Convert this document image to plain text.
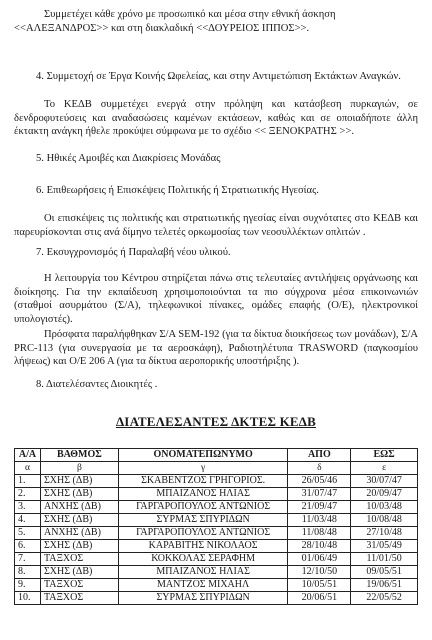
Συμμετέχει κάθε χρόνο με προσωπικό και μέσα στην εθνική άσκηση

<<ΑΛΕΞΑΝΔΡΟΣ>> και στη διακλαδική <<ΔΟΥΡΕΙΟΣ ΙΠΠΟΣ>>.

4. Συμμετοχή σε Έργα Κοινής Ωφελείας, και στην Αντιμετώπιση Εκτάκτων Αναγκών.

Το ΚΕΔΒ συμμετέχει ενεργά στην πρόληψη και κατάσβεση πυρκαγιών, σε δενδροφυτεύσεις και αναδασώσεις καμένων εκτάσεων, καθώς και σε οποιαδήποτε άλλη έκτακτη ανάγκη ήθελε προκύψει σύμφωνα με το σχέδιο << ΞΕΝΟΚΡΑΤΗΣ >>.

5. Ηθικές Αμοιβές και Διακρίσεις Μονάδας

6. Επιθεωρήσεις ή Επισκέψεις Πολιτικής ή Στρατιωτικής Ηγεσίας.

Οι επισκέψεις τις πολιτικής και στρατιωτικής ηγεσίας είναι συχνότατες στο ΚΕΔΒ και παρευρίσκονται στις ανά δίμηνο τελετές ορκωμοσίας των νεοσυλλέκτων οπλιτών .

7. Εκσυγχρονισμός ή Παραλαβή νέου υλικού.

Η λειτουργία του Κέντρου στηρίζεται πάνω στις τελευταίες αντιλήψεις οργάνωσης και διοίκησης. Για την εκπαίδευση χρησιμοποιούνται τα πιο σύγχρονα μέσα επικοινωνιών (σταθμοί ασυρμάτου (Σ/Α), τηλεφωνικοί πίνακες, ομάδες επαφής (Ο/Ε), ηλεκτρονικοί υπολογιστές).

Πρόσφατα παραλήφθηκαν Σ/Α SEM-192 (για τα δίκτυα διοικήσεως των μονάδων), Σ/Α PRC-113 (για συνεργασία με τα αεροσκάφη), Ραδιοτηλέτυπα TRASWORD (παγκοσμίου λήψεως) και Ο/Ε 206 Α (για τα δίκτυα αεροπορικής υποστήριξης ).

8. Διατελέσαντες Διοικητές .

ΔΙΑΤΕΛΕΣΑΝΤΕΣ ΔΚΤΕΣ ΚΕΔΒ
Α/Α	ΒΑΘΜΟΣ	ΟΝΟΜΑΤΕΠΩΝΥΜΟ	ΑΠΟ	ΕΩΣ
α	β	γ	δ	ε
1.	ΣΧΗΣ (ΔΒ)	ΣΚΑΒΕΝΤΖΟΣ ΓΡΗΓΟΡΙΟΣ.	26/05/46	30/07/47
2.	ΣΧΗΣ (ΔΒ)	ΜΠΑΙΖΑΝΟΣ ΗΛΙΑΣ	31/07/47	20/09/47
3.	ΑΝΧΗΣ (ΔΒ)	ΓΑΡΓΑΡΟΠΟΥΛΟΣ ΑΝΤΩΝΙΟΣ	21/09/47	10/03/48
4.	ΣΧΗΣ (ΔΒ)	ΣΥΡΜΑΣ ΣΠΥΡΙΔΩΝ	11/03/48	10/08/48
5.	ΑΝΧΗΣ (ΔΒ)	ΓΑΡΓΑΡΟΠΟΥΛΟΣ ΑΝΤΩΝΙΟΣ	11/08/48	27/10/48
6.	ΣΧΗΣ (ΔΒ)	ΚΑΡΑΒΙΤΗΣ ΝΙΚΟΛΑΟΣ	28/10/48	31/05/49
7.	ΤΑΞΧΟΣ	ΚΟΚΚΟΛΑΣ ΣΕΡΑΦΗΜ	01/06/49	11/01/50
8.	ΣΧΗΣ (ΔΒ)	ΜΠΑΙΖΑΝΟΣ ΗΛΙΑΣ	12/10/50	09/05/51
9.	ΤΑΞΧΟΣ	ΜΑΝΤΖΟΣ ΜΙΧΑΗΛ	10/05/51	19/06/51
10.	ΤΑΞΧΟΣ	ΣΥΡΜΑΣ ΣΠΥΡΙΔΩΝ	20/06/51	22/05/52
